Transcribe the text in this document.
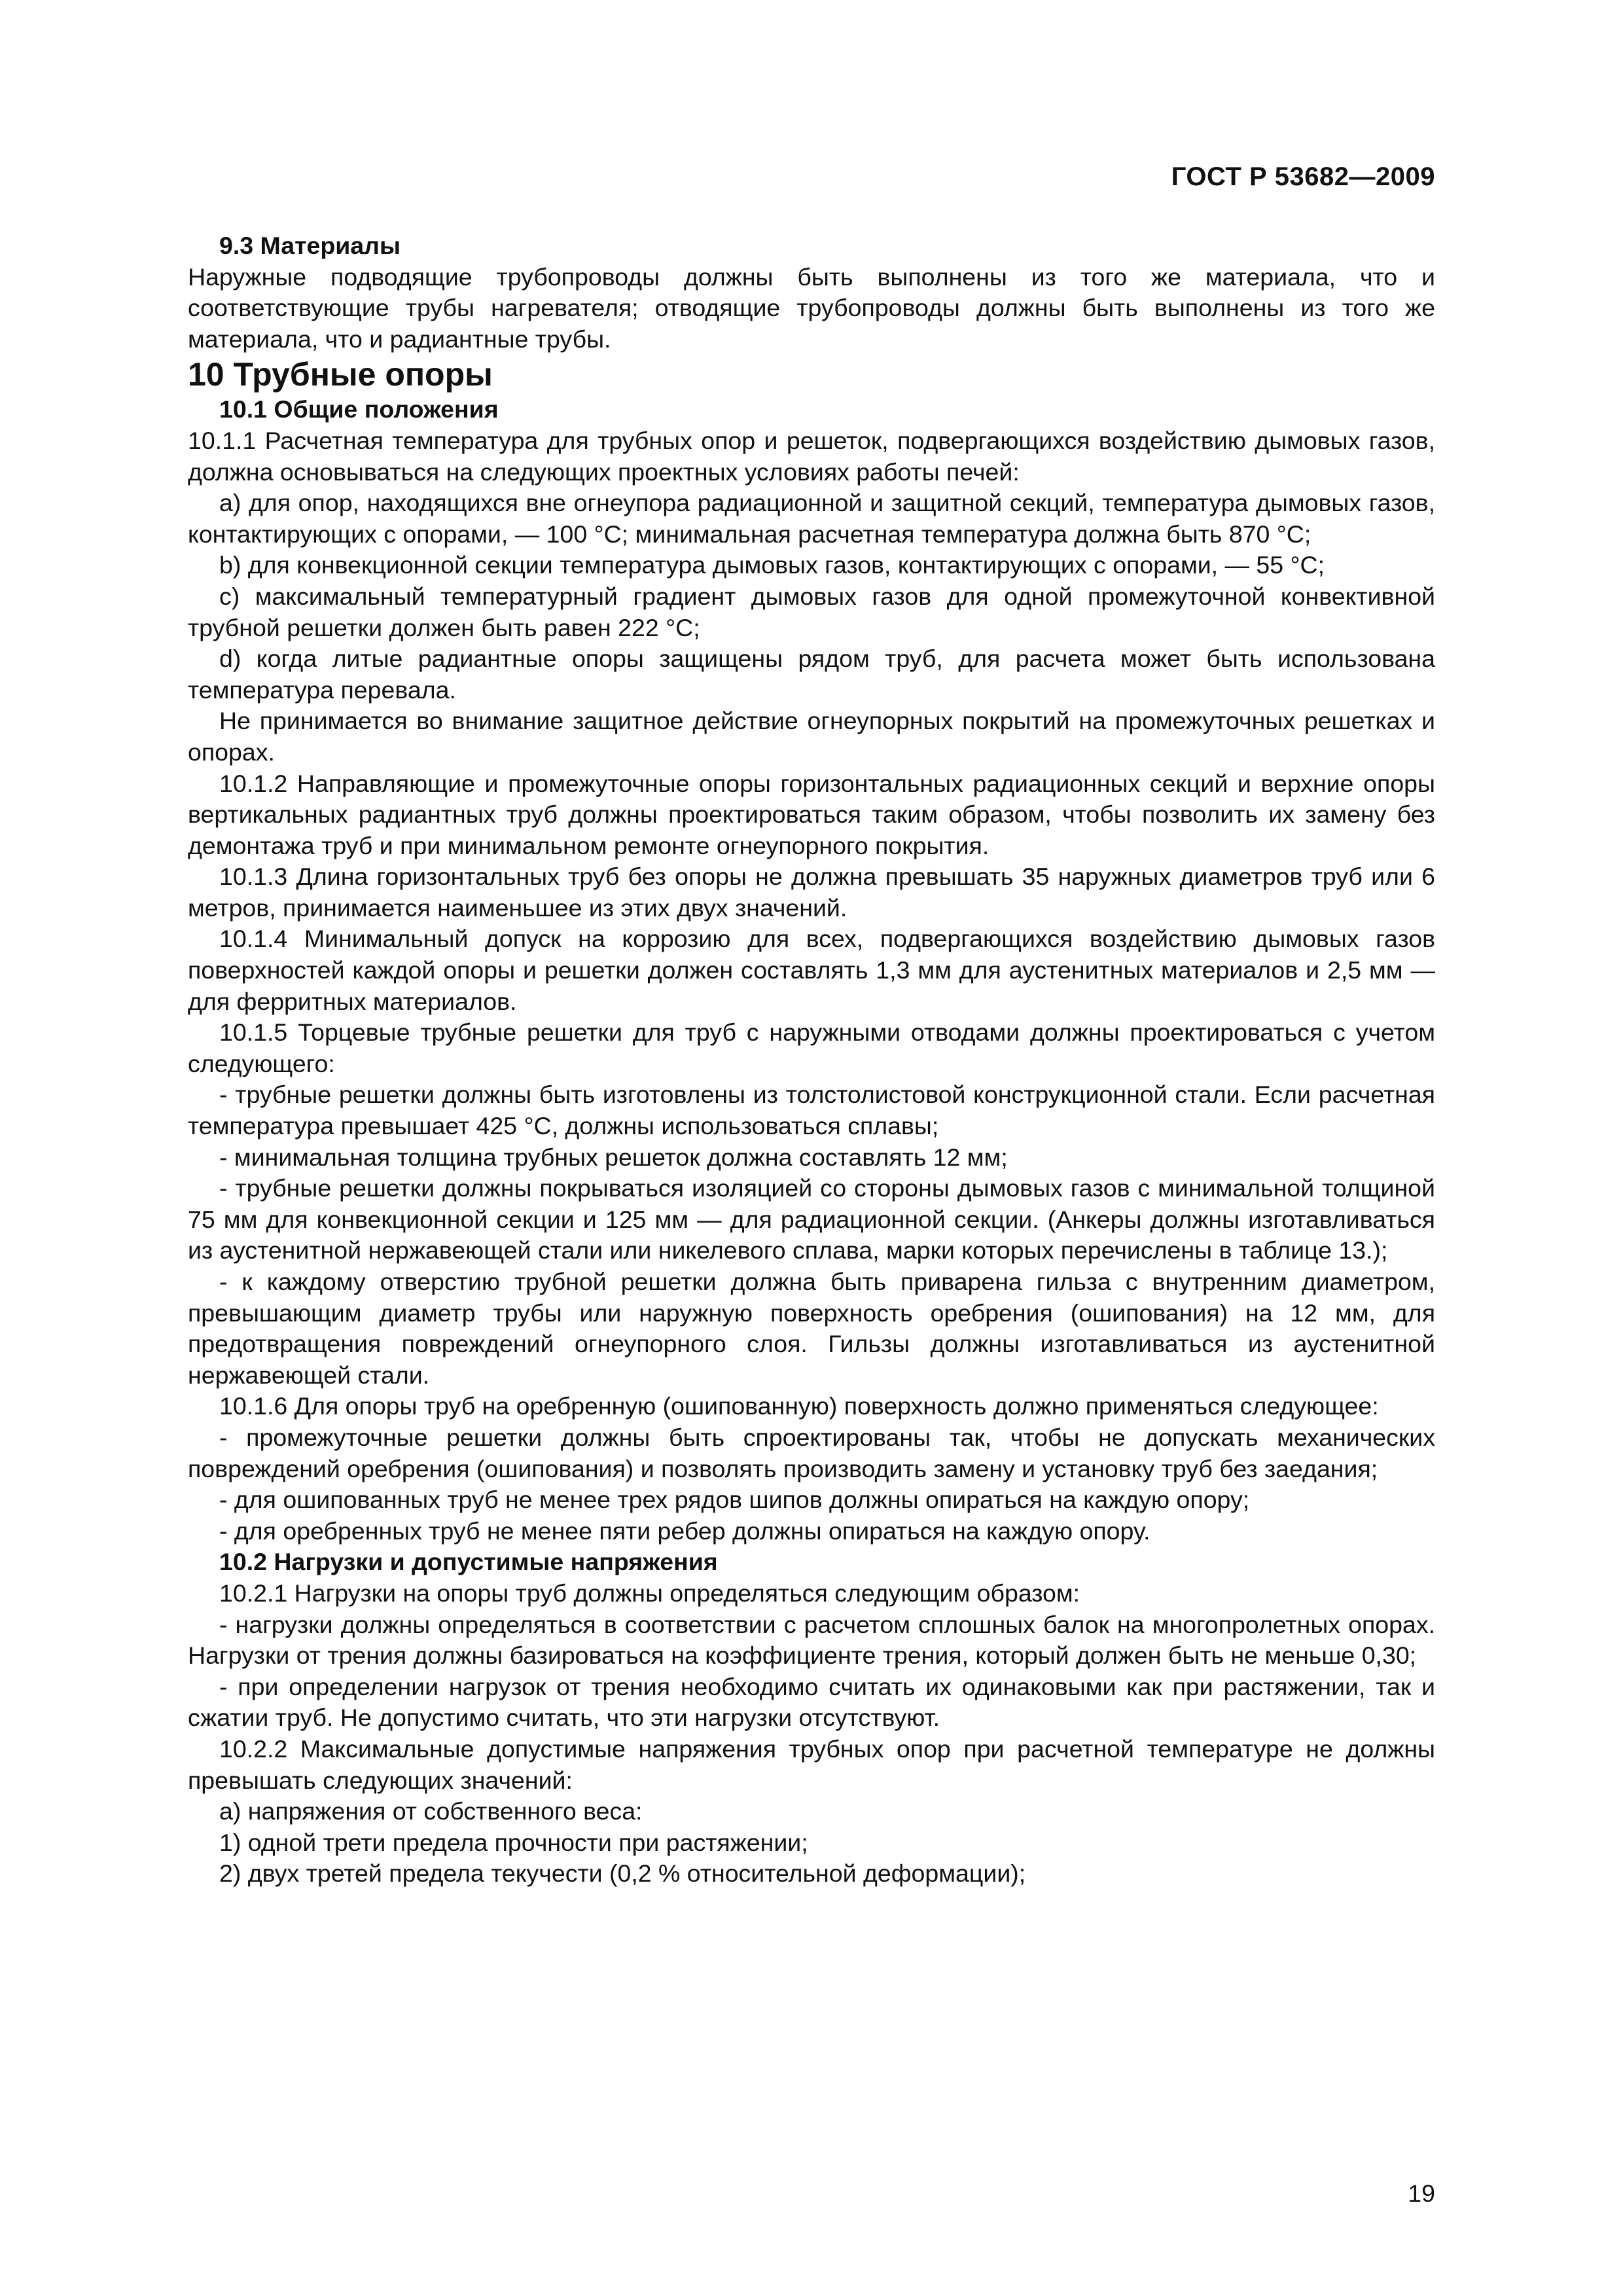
ГОСТ Р 53682—2009

9.3 Материалы

Наружные подводящие трубопроводы должны быть выполнены из того же материала, что и соответствующие трубы нагревателя; отводящие трубопроводы должны быть выполнены из того же материала, что и радиантные трубы.

10 Трубные опоры

10.1 Общие положения

10.1.1 Расчетная температура для трубных опор и решеток, подвергающихся воздействию дымовых газов, должна основываться на следующих проектных условиях работы печей:

а) для опор, находящихся вне огнеупора радиационной и защитной секций, температура дымовых газов, контактирующих с опорами, — 100 °С; минимальная расчетная температура должна быть 870 °С;

b) для конвекционной секции температура дымовых газов, контактирующих с опорами, — 55 °С;

с) максимальный температурный градиент дымовых газов для одной промежуточной конвективной трубной решетки должен быть равен 222 °С;

d) когда литые радиантные опоры защищены рядом труб, для расчета может быть использована температура перевала.

Не принимается во внимание защитное действие огнеупорных покрытий на промежуточных решетках и опорах.

10.1.2 Направляющие и промежуточные опоры горизонтальных радиационных секций и верхние опоры вертикальных радиантных труб должны проектироваться таким образом, чтобы позволить их замену без демонтажа труб и при минимальном ремонте огнеупорного покрытия.

10.1.3 Длина горизонтальных труб без опоры не должна превышать 35 наружных диаметров труб или 6 метров, принимается наименьшее из этих двух значений.

10.1.4 Минимальный допуск на коррозию для всех, подвергающихся воздействию дымовых газов поверхностей каждой опоры и решетки должен составлять 1,3 мм для аустенитных материалов и 2,5 мм — для ферритных материалов.

10.1.5 Торцевые трубные решетки для труб с наружными отводами должны проектироваться с учетом следующего:

- трубные решетки должны быть изготовлены из толстолистовой конструкционной стали. Если расчетная температура превышает 425 °С, должны использоваться сплавы;

- минимальная толщина трубных решеток должна составлять 12 мм;

- трубные решетки должны покрываться изоляцией со стороны дымовых газов с минимальной толщиной 75 мм для конвекционной секции и 125 мм — для радиационной секции. (Анкеры должны изготавливаться из аустенитной нержавеющей стали или никелевого сплава, марки которых перечислены в таблице 13.);

- к каждому отверстию трубной решетки должна быть приварена гильза с внутренним диаметром, превышающим диаметр трубы или наружную поверхность оребрения (ошипования) на 12 мм, для предотвращения повреждений огнеупорного слоя. Гильзы должны изготавливаться из аустенитной нержавеющей стали.

10.1.6 Для опоры труб на оребренную (ошипованную) поверхность должно применяться следующее:

- промежуточные решетки должны быть спроектированы так, чтобы не допускать механических повреждений оребрения (ошипования) и позволять производить замену и установку труб без заедания;

- для ошипованных труб не менее трех рядов шипов должны опираться на каждую опору;

- для оребренных труб не менее пяти ребер должны опираться на каждую опору.

10.2 Нагрузки и допустимые напряжения

10.2.1 Нагрузки на опоры труб должны определяться следующим образом:

- нагрузки должны определяться в соответствии с расчетом сплошных балок на многопролетных опорах. Нагрузки от трения должны базироваться на коэффициенте трения, который должен быть не меньше 0,30;

- при определении нагрузок от трения необходимо считать их одинаковыми как при растяжении, так и сжатии труб. Не допустимо считать, что эти нагрузки отсутствуют.

10.2.2 Максимальные допустимые напряжения трубных опор при расчетной температуре не должны превышать следующих значений:

а) напряжения от собственного веса:

1) одной трети предела прочности при растяжении;

2) двух третей предела текучести (0,2 % относительной деформации);

19
